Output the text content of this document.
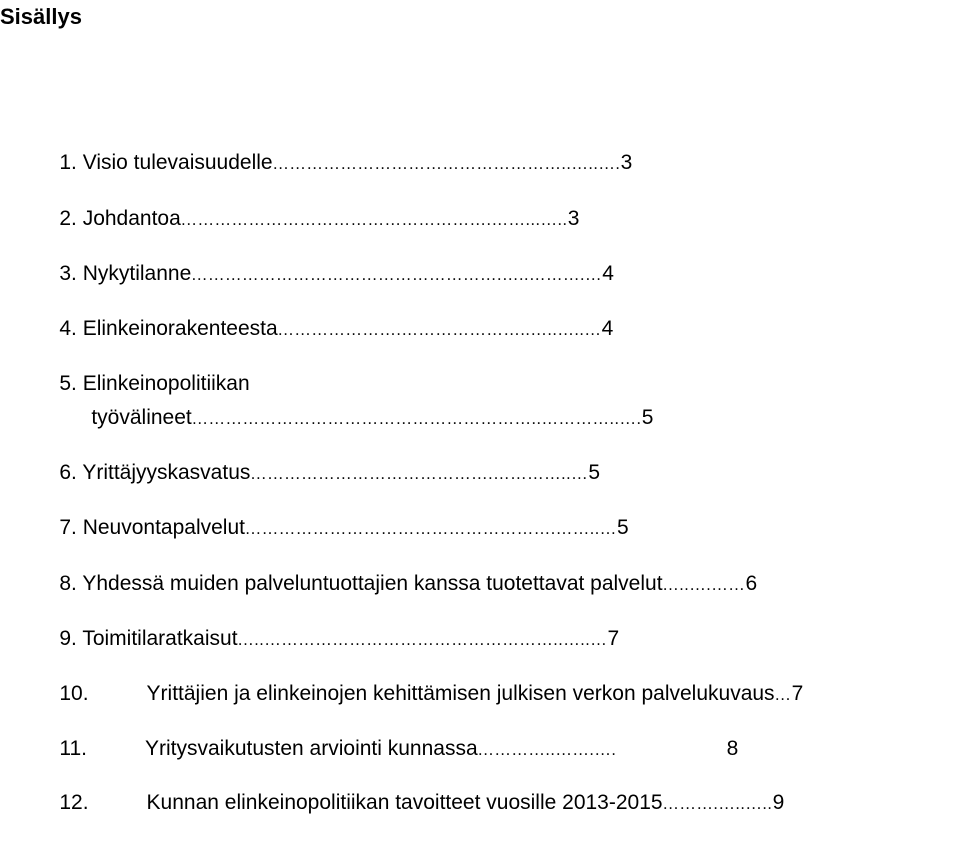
Sisällys

1. Visio tulevaisuudelle……………………………………………..…..….3

2. Johdantoa……………………………………………….……...…..3

3. Nykytilanne……………………………………………….…..……….…4

4. Elinkeinorakenteesta………………….…………………..…..…..…4

5. Elinkeinopolitiikan

työvälineet……………………………………………………..…………..….5

6. Yrittäjyyskasvatus…………………………………….…………..…5

7. Neuvontapalvelut……………………………………………….……..…5

8. Yhdessä muiden palveluntuottajien kanssa tuotettavat palvelut…..….……6

9. Toimitilaratkaisut…..……………………………………………..…..…7

10.	Yrittäjien ja elinkeinojen kehittämisen julkisen verkon palvelukuvaus…7

11.	Yritysvaikutusten arviointi kunnassa…………..…….….	8

12.	Kunnan elinkeinopolitiikan tavoitteet vuosille 2013-2015……….…..…..9
